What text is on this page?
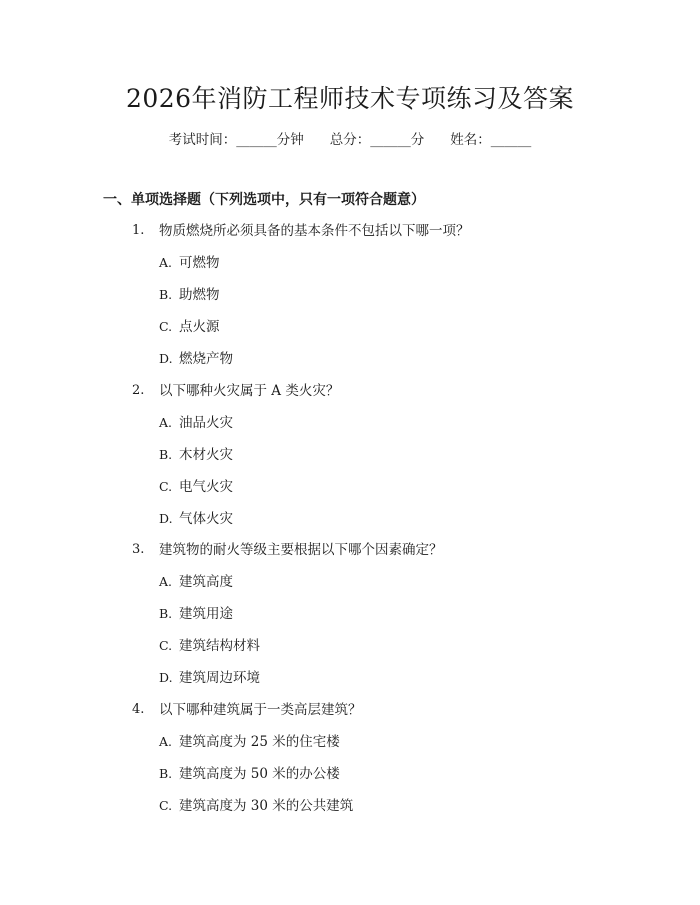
2026年消防工程师技术专项练习及答案
考试时间：______分钟 总分：______分 姓名：______
一、单项选择题（下列选项中，只有一项符合题意）
1.	物质燃烧所必须具备的基本条件不包括以下哪一项？
A. 可燃物
B. 助燃物
C. 点火源
D. 燃烧产物
2.	以下哪种火灾属于 A 类火灾？
A. 油品火灾
B. 木材火灾
C. 电气火灾
D. 气体火灾
3.	建筑物的耐火等级主要根据以下哪个因素确定？
A. 建筑高度
B. 建筑用途
C. 建筑结构材料
D. 建筑周边环境
4.	以下哪种建筑属于一类高层建筑？
A. 建筑高度为 25 米的住宅楼
B. 建筑高度为 50 米的办公楼
C. 建筑高度为 30 米的公共建筑
